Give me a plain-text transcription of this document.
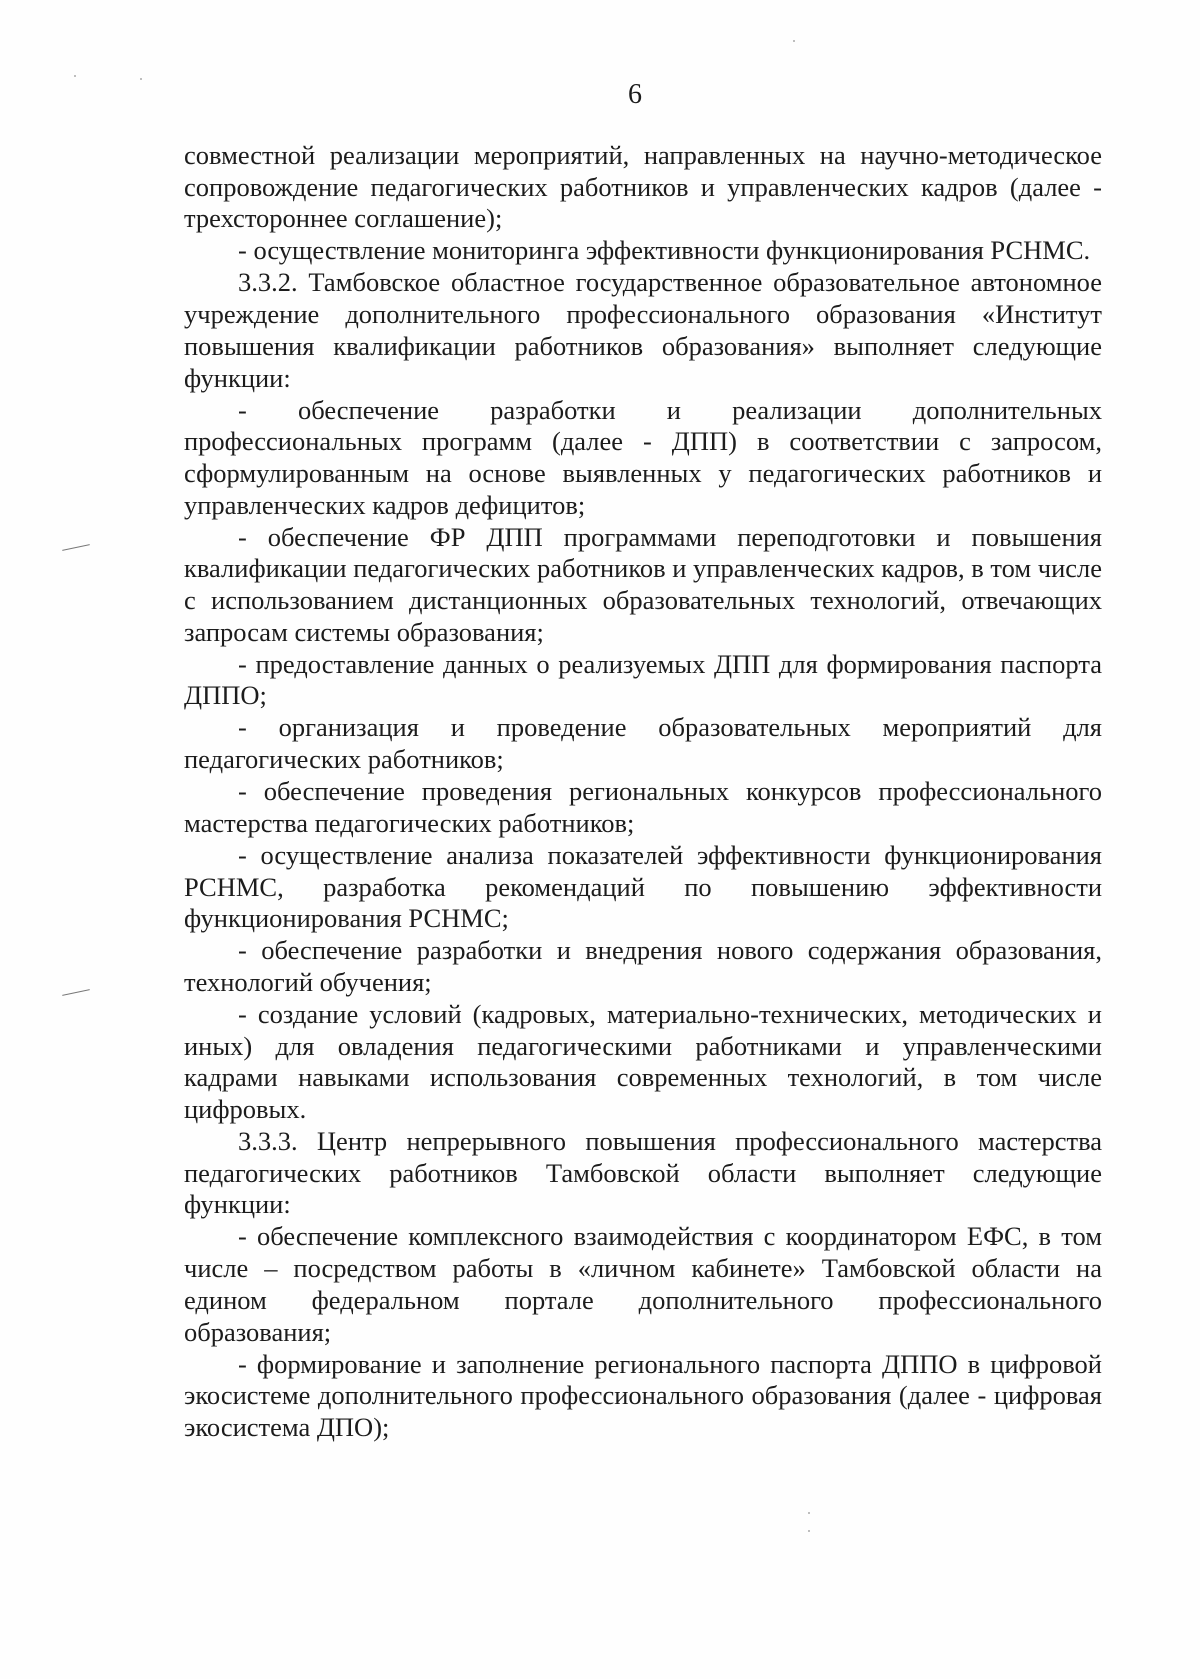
6

совместной реализации мероприятий, направленных на научно-методическое сопровождение педагогических работников и управленческих кадров (далее - трехстороннее соглашение);

- осуществление мониторинга эффективности функционирования РСНМС.

3.3.2. Тамбовское областное государственное образовательное автономное учреждение дополнительного профессионального образования «Институт повышения квалификации работников образования» выполняет следующие функции:

- обеспечение разработки и реализации дополнительных профессиональных программ (далее - ДПП) в соответствии с запросом, сформулированным на основе выявленных у педагогических работников и управленческих кадров дефицитов;

- обеспечение ФР ДПП программами переподготовки и повышения квалификации педагогических работников и управленческих кадров, в том числе с использованием дистанционных образовательных технологий, отвечающих запросам системы образования;

- предоставление данных о реализуемых ДПП для формирования паспорта ДППО;

- организация и проведение образовательных мероприятий для педагогических работников;

- обеспечение проведения региональных конкурсов профессионального мастерства педагогических работников;

- осуществление анализа показателей эффективности функционирования РСНМС, разработка рекомендаций по повышению эффективности функционирования РСНМС;

- обеспечение разработки и внедрения нового содержания образования, технологий обучения;

- создание условий (кадровых, материально-технических, методических и иных) для овладения педагогическими работниками и управленческими кадрами навыками использования современных технологий, в том числе цифровых.

3.3.3. Центр непрерывного повышения профессионального мастерства педагогических работников Тамбовской области выполняет следующие функции:

- обеспечение комплексного взаимодействия с координатором ЕФС, в том числе – посредством работы в «личном кабинете» Тамбовской области на едином федеральном портале дополнительного профессионального образования;

- формирование и заполнение регионального паспорта ДППО в цифровой экосистеме дополнительного профессионального образования (далее - цифровая экосистема ДПО);
